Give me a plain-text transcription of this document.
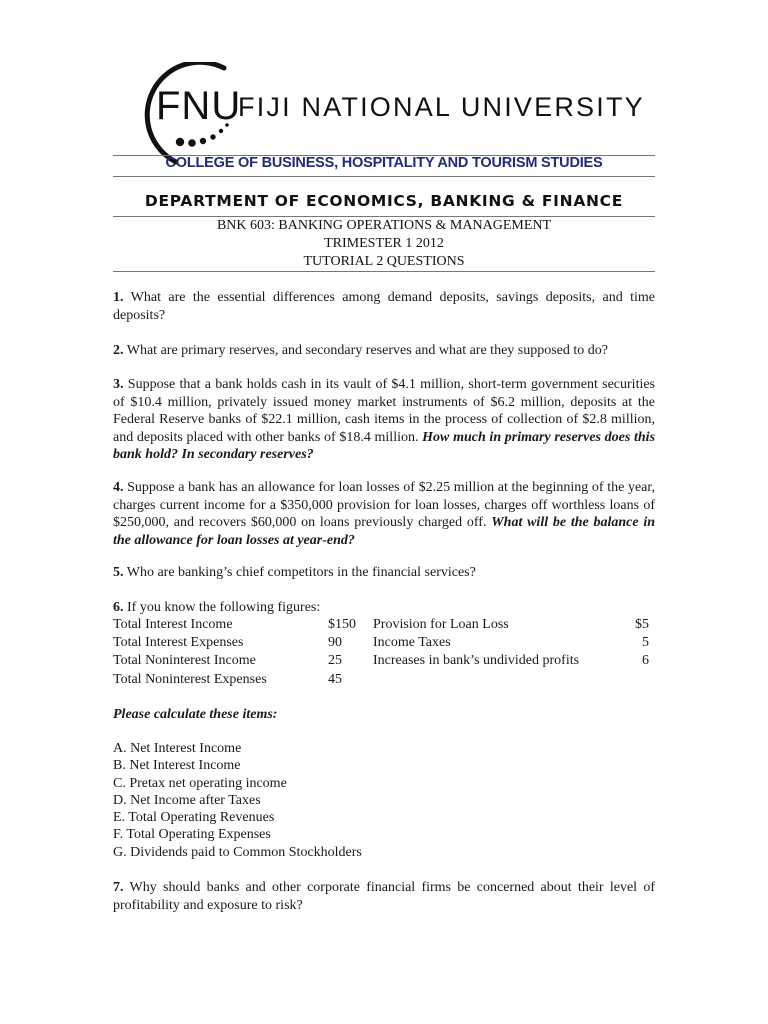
FNU
FIJI NATIONAL UNIVERSITY
COLLEGE OF BUSINESS, HOSPITALITY AND TOURISM STUDIES
DEPARTMENT OF ECONOMICS, BANKING & FINANCE
BNK 603: BANKING OPERATIONS & MANAGEMENT
TRIMESTER 1 2012
TUTORIAL 2 QUESTIONS
1. What are the essential differences among demand deposits, savings deposits, and time deposits?
2. What are primary reserves, and secondary reserves and what are they supposed to do?
3. Suppose that a bank holds cash in its vault of $4.1 million, short-term government securities of $10.4 million, privately issued money market instruments of $6.2 million, deposits at the Federal Reserve banks of $22.1 million, cash items in the process of collection of $2.8 million, and deposits placed with other banks of $18.4 million. How much in primary reserves does this bank hold? In secondary reserves?
4. Suppose a bank has an allowance for loan losses of $2.25 million at the beginning of the year, charges current income for a $350,000 provision for loan losses, charges off worthless loans of $250,000, and recovers $60,000 on loans previously charged off. What will be the balance in the allowance for loan losses at year-end?
5. Who are banking’s chief competitors in the financial services?
6. If you know the following figures:
Total Interest Income	$150 Provision for Loan Loss	$5
Total Interest Expenses	90 Income Taxes	5
Total Noninterest Income	25 Increases in bank’s undivided profits	6
Total Noninterest Expenses	45
Please calculate these items:
A. Net Interest Income
B. Net Interest Income
C. Pretax net operating income
D. Net Income after Taxes
E. Total Operating Revenues
F. Total Operating Expenses
G. Dividends paid to Common Stockholders
7. Why should banks and other corporate financial firms be concerned about their level of profitability and exposure to risk?
